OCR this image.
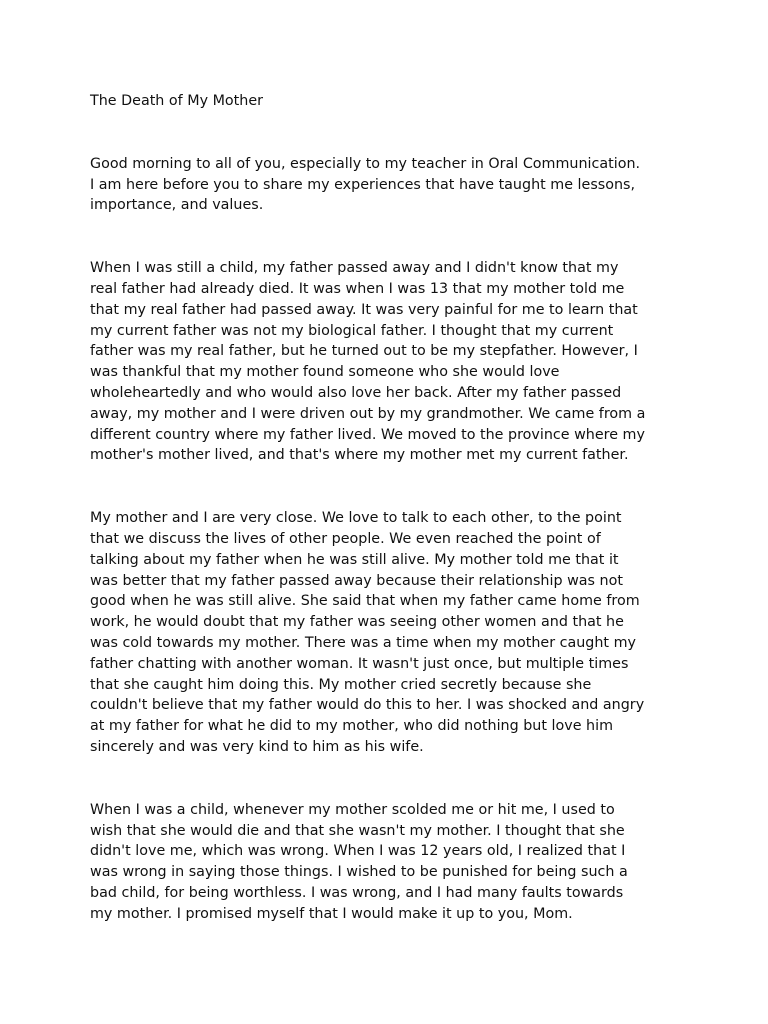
The Death of My Mother
Good morning to all of you, especially to my teacher in Oral Communication.
I am here before you to share my experiences that have taught me lessons,
importance, and values.
When I was still a child, my father passed away and I didn't know that my
real father had already died. It was when I was 13 that my mother told me
that my real father had passed away. It was very painful for me to learn that
my current father was not my biological father. I thought that my current
father was my real father, but he turned out to be my stepfather. However, I
was thankful that my mother found someone who she would love
wholeheartedly and who would also love her back. After my father passed
away, my mother and I were driven out by my grandmother. We came from a
different country where my father lived. We moved to the province where my
mother's mother lived, and that's where my mother met my current father.
My mother and I are very close. We love to talk to each other, to the point
that we discuss the lives of other people. We even reached the point of
talking about my father when he was still alive. My mother told me that it
was better that my father passed away because their relationship was not
good when he was still alive. She said that when my father came home from
work, he would doubt that my father was seeing other women and that he
was cold towards my mother. There was a time when my mother caught my
father chatting with another woman. It wasn't just once, but multiple times
that she caught him doing this. My mother cried secretly because she
couldn't believe that my father would do this to her. I was shocked and angry
at my father for what he did to my mother, who did nothing but love him
sincerely and was very kind to him as his wife.
When I was a child, whenever my mother scolded me or hit me, I used to
wish that she would die and that she wasn't my mother. I thought that she
didn't love me, which was wrong. When I was 12 years old, I realized that I
was wrong in saying those things. I wished to be punished for being such a
bad child, for being worthless. I was wrong, and I had many faults towards
my mother. I promised myself that I would make it up to you, Mom.
